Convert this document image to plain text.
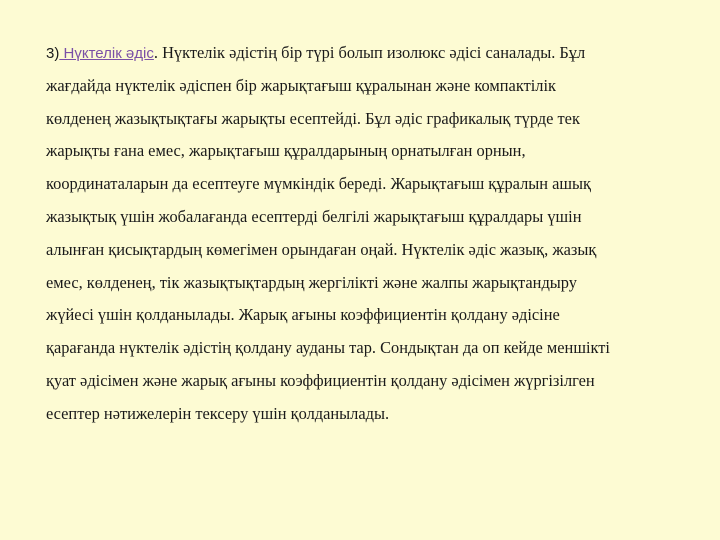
3) Нүктелік әдіс. Нүктелік әдістің бір түрі болып изолюкс әдісі саналады. Бұл
жағдайда нүктелік әдіспен бір жарықтағыш құралынан және компактілік
көлденең жазықтықтағы жарықты есептейді. Бұл әдіс графикалық түрде тек
жарықты ғана емес, жарықтағыш құралдарының орнатылған орнын,
координаталарын да есептеуге мүмкіндік береді. Жарықтағыш құралын ашық
жазықтық үшін жобалағанда есептерді белгілі жарықтағыш құралдары үшін
алынған қисықтардың көмегімен орындаған оңай. Нүктелік әдіс жазық, жазық
емес, көлденең, тік жазықтықтардың жергілікті және жалпы жарықтандыру
жүйесі үшін қолданылады. Жарық ағыны коэффициентін қолдану әдісіне
қарағанда нүктелік әдістің қолдану ауданы тар. Сондықтан да оп кейде меншікті
қуат әдісімен және жарық ағыны коэффициентін қолдану әдісімен жүргізілген
есептер нәтижелерін тексеру үшін қолданылады.
